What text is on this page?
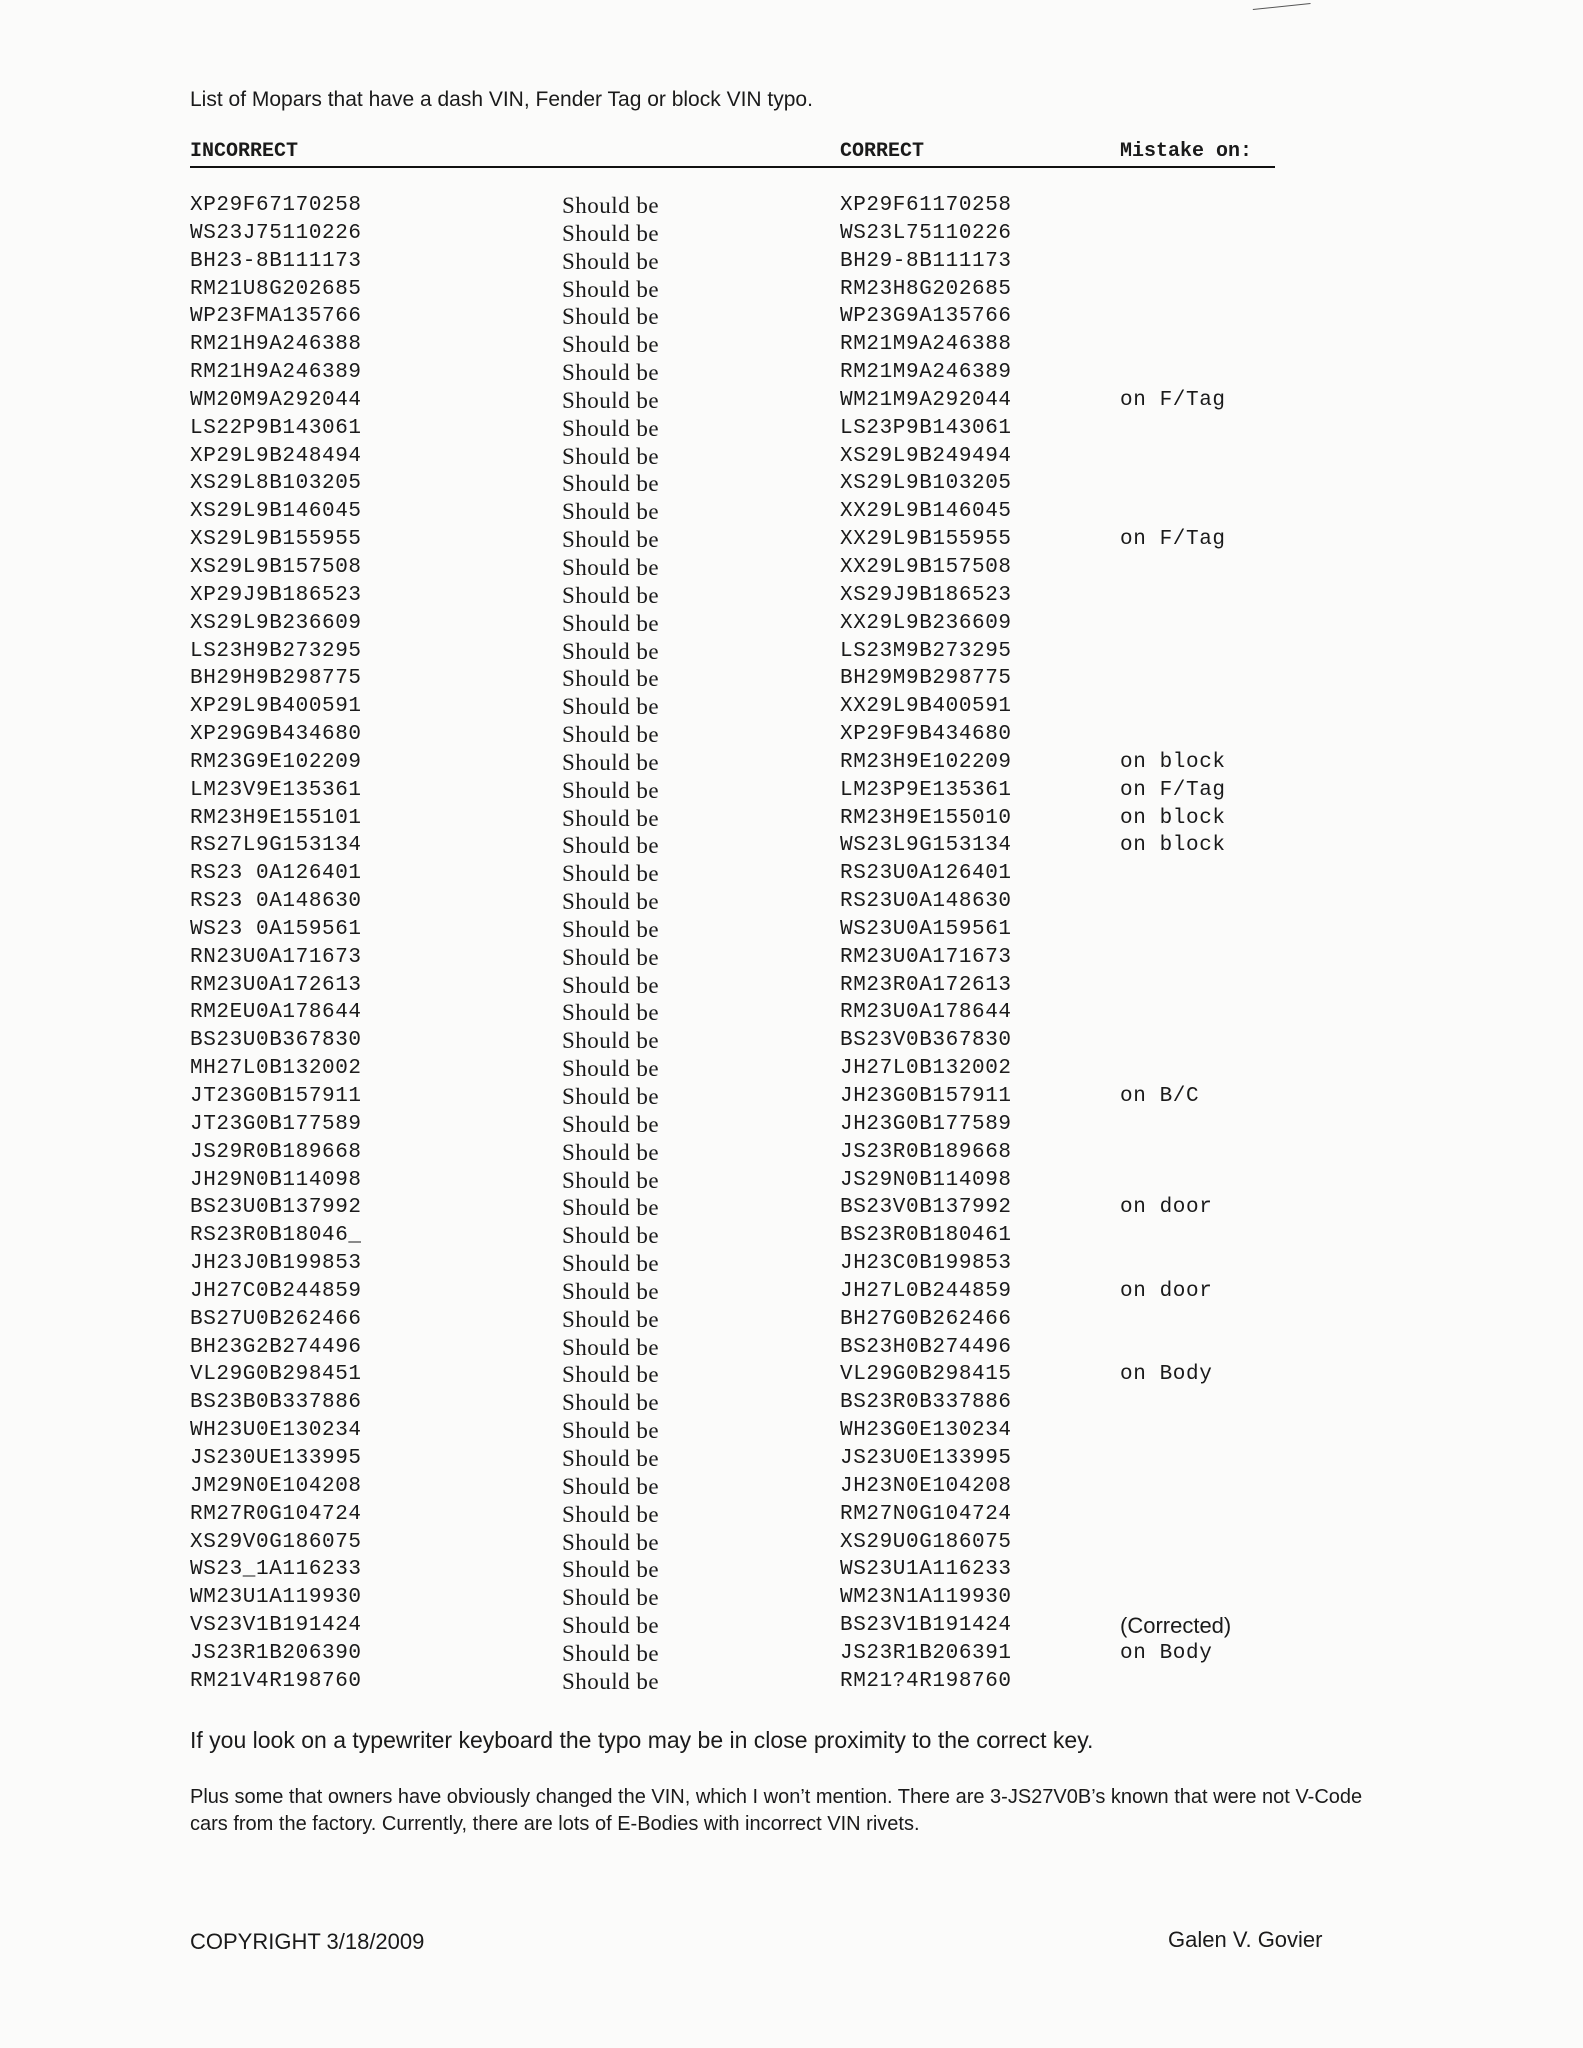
List of Mopars that have a dash VIN, Fender Tag or block VIN typo.
INCORRECT	CORRECT	Mistake on:
XP29F67170258	Should be	XP29F61170258
WS23J75110226	Should be	WS23L75110226
BH23-8B111173	Should be	BH29-8B111173
RM21U8G202685	Should be	RM23H8G202685
WP23FMA135766	Should be	WP23G9A135766
RM21H9A246388	Should be	RM21M9A246388
RM21H9A246389	Should be	RM21M9A246389
WM20M9A292044	Should be	WM21M9A292044	on F/Tag
LS22P9B143061	Should be	LS23P9B143061
XP29L9B248494	Should be	XS29L9B249494
XS29L8B103205	Should be	XS29L9B103205
XS29L9B146045	Should be	XX29L9B146045
XS29L9B155955	Should be	XX29L9B155955	on F/Tag
XS29L9B157508	Should be	XX29L9B157508
XP29J9B186523	Should be	XS29J9B186523
XS29L9B236609	Should be	XX29L9B236609
LS23H9B273295	Should be	LS23M9B273295
BH29H9B298775	Should be	BH29M9B298775
XP29L9B400591	Should be	XX29L9B400591
XP29G9B434680	Should be	XP29F9B434680
RM23G9E102209	Should be	RM23H9E102209	on block
LM23V9E135361	Should be	LM23P9E135361	on F/Tag
RM23H9E155101	Should be	RM23H9E155010	on block
RS27L9G153134	Should be	WS23L9G153134	on block
RS23 0A126401	Should be	RS23U0A126401
RS23 0A148630	Should be	RS23U0A148630
WS23 0A159561	Should be	WS23U0A159561
RN23U0A171673	Should be	RM23U0A171673
RM23U0A172613	Should be	RM23R0A172613
RM2EU0A178644	Should be	RM23U0A178644
BS23U0B367830	Should be	BS23V0B367830
MH27L0B132002	Should be	JH27L0B132002
JT23G0B157911	Should be	JH23G0B157911	on B/C
JT23G0B177589	Should be	JH23G0B177589
JS29R0B189668	Should be	JS23R0B189668
JH29N0B114098	Should be	JS29N0B114098
BS23U0B137992	Should be	BS23V0B137992	on door
RS23R0B18046_	Should be	BS23R0B180461
JH23J0B199853	Should be	JH23C0B199853
JH27C0B244859	Should be	JH27L0B244859	on door
BS27U0B262466	Should be	BH27G0B262466
BH23G2B274496	Should be	BS23H0B274496
VL29G0B298451	Should be	VL29G0B298415	on Body
BS23B0B337886	Should be	BS23R0B337886
WH23U0E130234	Should be	WH23G0E130234
JS230UE133995	Should be	JS23U0E133995
JM29N0E104208	Should be	JH23N0E104208
RM27R0G104724	Should be	RM27N0G104724
XS29V0G186075	Should be	XS29U0G186075
WS23_1A116233	Should be	WS23U1A116233
WM23U1A119930	Should be	WM23N1A119930
VS23V1B191424	Should be	BS23V1B191424	(Corrected)
JS23R1B206390	Should be	JS23R1B206391	on Body
RM21V4R198760	Should be	RM21?4R198760

If you look on a typewriter keyboard the typo may be in close proximity to the correct key.

Plus some that owners have obviously changed the VIN, which I won’t mention. There are 3-JS27V0B’s known that were not V-Code cars from the factory. Currently, there are lots of E-Bodies with incorrect VIN rivets.

COPYRIGHT 3/18/2009	Galen V. Govier
